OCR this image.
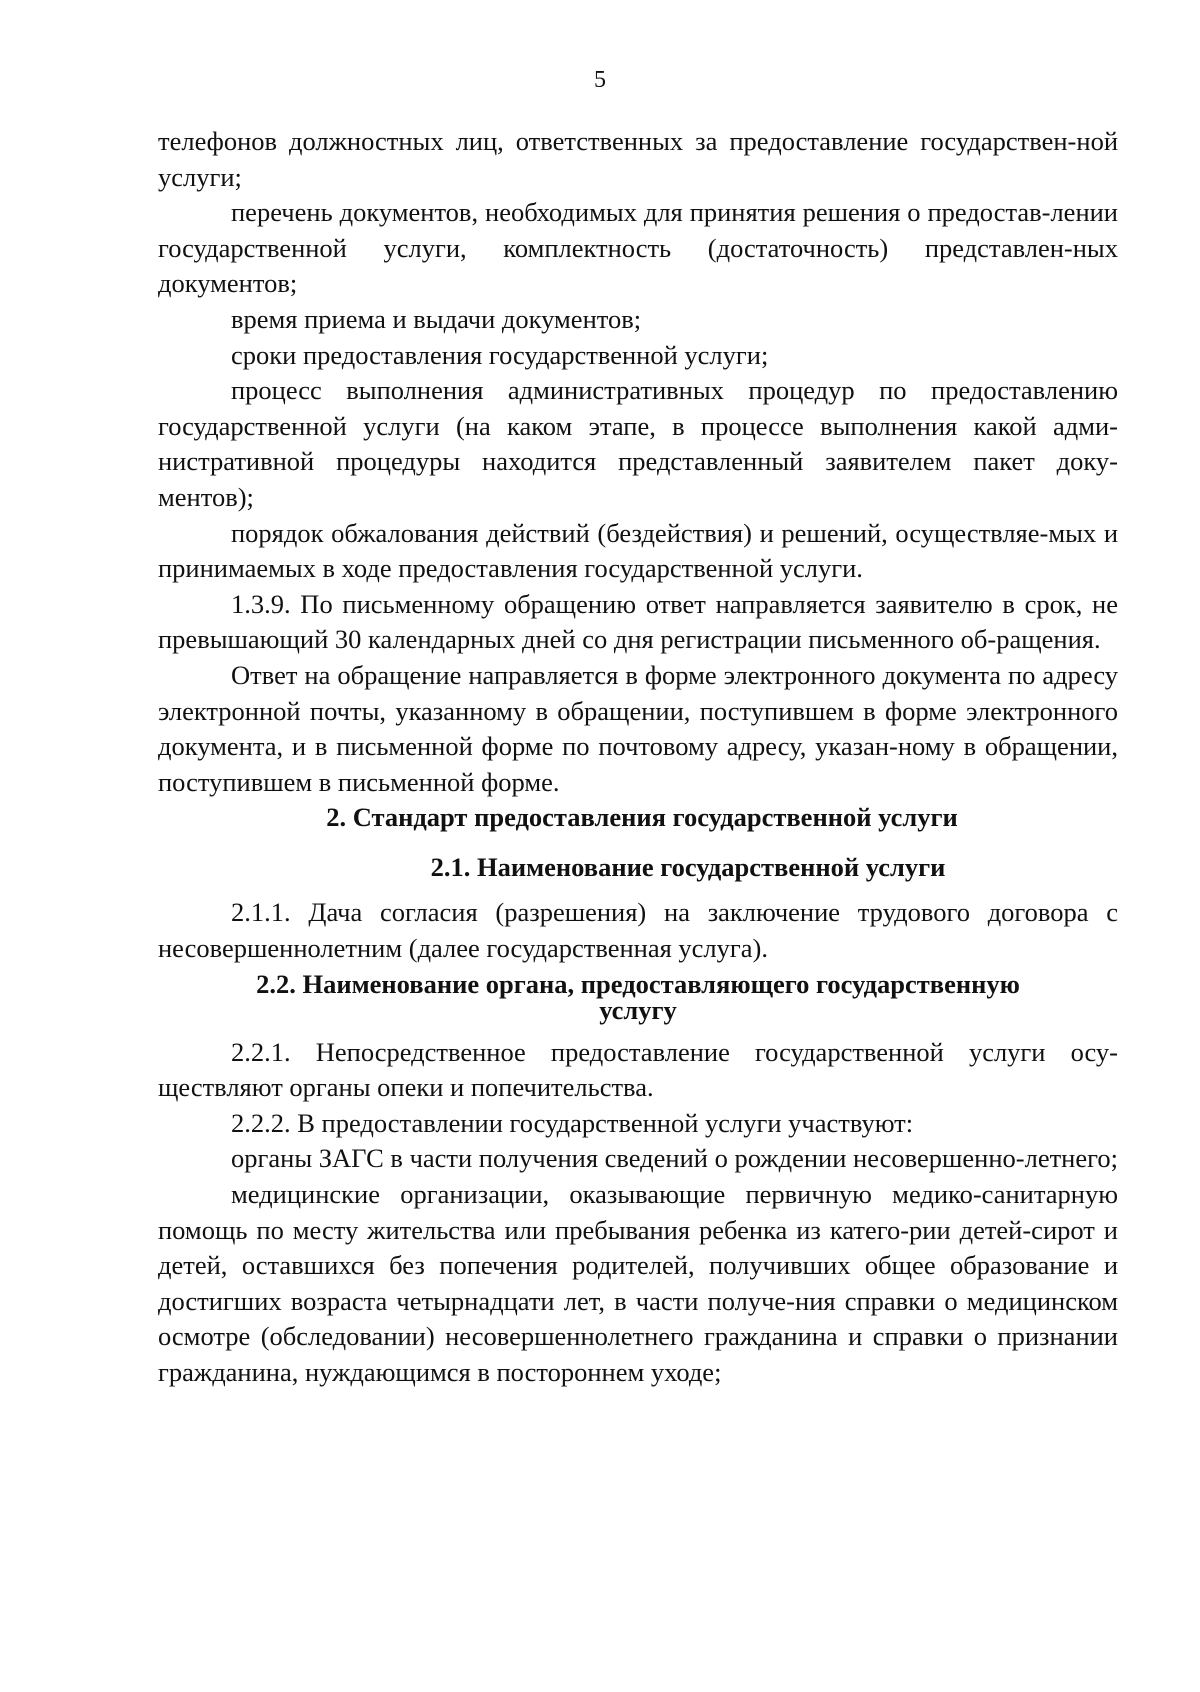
5

телефонов должностных лиц, ответственных за предоставление государствен-ной услуги;

перечень документов, необходимых для принятия решения о предостав-лении государственной услуги, комплектность (достаточность) представлен-ных документов;

время приема и выдачи документов;

сроки предоставления государственной услуги;

процесс выполнения административных процедур по предоставлению государственной услуги (на каком этапе, в процессе выполнения какой адми-нистративной процедуры находится представленный заявителем пакет доку-ментов);

порядок обжалования действий (бездействия) и решений, осуществляе-мых и принимаемых в ходе предоставления государственной услуги.

1.3.9. По письменному обращению ответ направляется заявителю в срок, не превышающий 30 календарных дней со дня регистрации письменного об-ращения.

Ответ на обращение направляется в форме электронного документа по адресу электронной почты, указанному в обращении, поступившем в форме электронного документа, и в письменной форме по почтовому адресу, указан-ному в обращении, поступившем в письменной форме.

2. Стандарт предоставления государственной услуги
2.1. Наименование государственной услуги

2.1.1. Дача согласия (разрешения) на заключение трудового договора с несовершеннолетним (далее государственная услуга).

2.2. Наименование органа, предоставляющего государственную
услугу

2.2.1. Непосредственное предоставление государственной услуги осу-ществляют органы опеки и попечительства.

2.2.2. В предоставлении государственной услуги участвуют:

органы ЗАГС в части получения сведений о рождении несовершенно-летнего;

медицинские организации, оказывающие первичную медико-санитарную помощь по месту жительства или пребывания ребенка из катего-рии детей-сирот и детей, оставшихся без попечения родителей, получивших общее образование и достигших возраста четырнадцати лет, в части получе-ния справки о медицинском осмотре (обследовании) несовершеннолетнего гражданина и справки о признании гражданина, нуждающимся в постороннем уходе;
